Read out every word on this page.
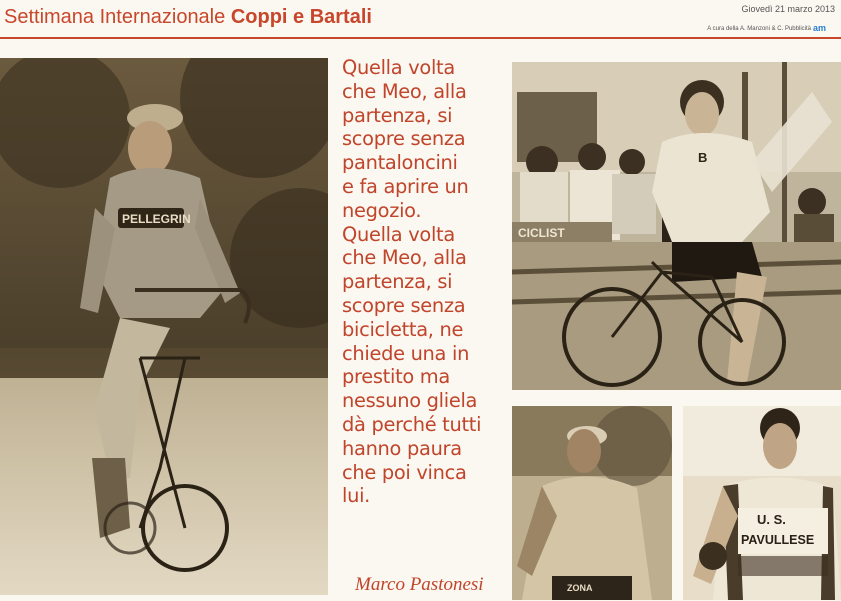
Settimana Internazionale Coppi e Bartali	Giovedì 21 marzo 2013
A cura della A. Manzoni & C. Pubblicità am
PELLEGRIN

Quella volta
che Meo, alla
partenza, si
scopre senza
pantaloncini
e fa aprire un
negozio.
Quella volta
che Meo, alla
partenza, si
scopre senza
bicicletta, ne
chiede una in
prestito ma
nessuno gliela
dà perché tutti
hanno paura
che poi vinca
lui.

Marco Pastonesi
CICLIST
B
ZONA
U. S.
PAVULLESE
